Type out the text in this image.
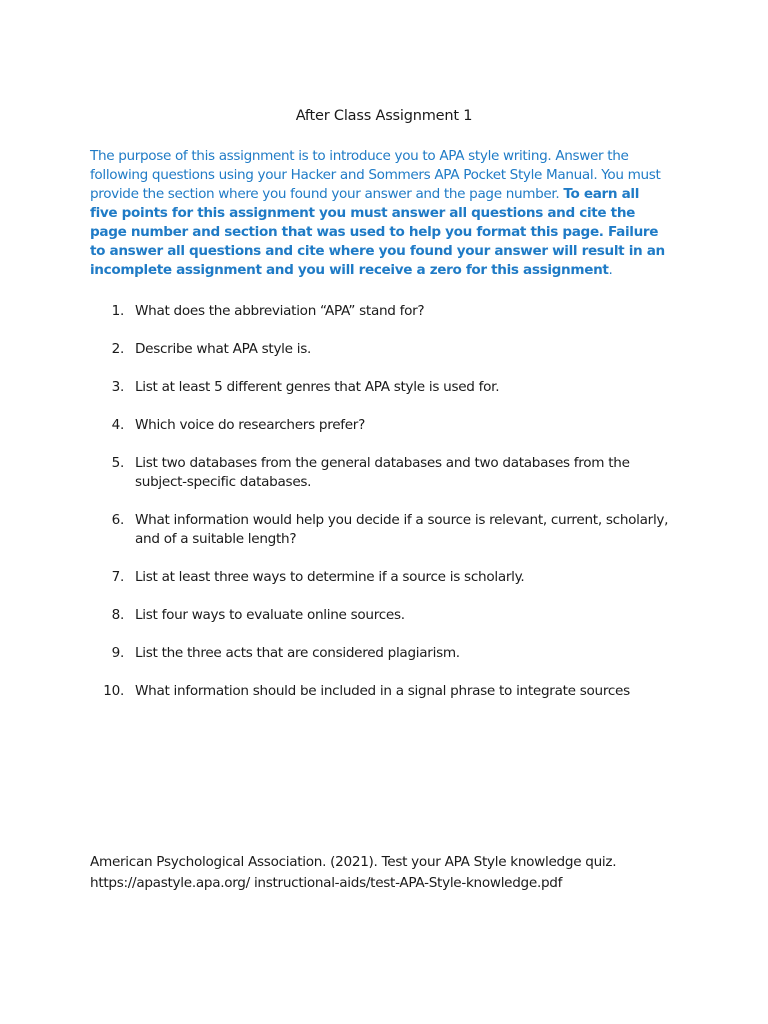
After Class Assignment 1
The purpose of this assignment is to introduce you to APA style writing. Answer the following questions using your Hacker and Sommers APA Pocket Style Manual. You must provide the section where you found your answer and the page number. To earn all five points for this assignment you must answer all questions and cite the page number and section that was used to help you format this page. Failure to answer all questions and cite where you found your answer will result in an incomplete assignment and you will receive a zero for this assignment.
1. What does the abbreviation “APA” stand for?
2. Describe what APA style is.
3. List at least 5 different genres that APA style is used for.
4. Which voice do researchers prefer?
5. List two databases from the general databases and two databases from the subject-specific databases.
6. What information would help you decide if a source is relevant, current, scholarly, and of a suitable length?
7. List at least three ways to determine if a source is scholarly.
8. List four ways to evaluate online sources.
9. List the three acts that are considered plagiarism.
10. What information should be included in a signal phrase to integrate sources
American Psychological Association. (2021). Test your APA Style knowledge quiz.
https://apastyle.apa.org/ instructional-aids/test-APA-Style-knowledge.pdf
